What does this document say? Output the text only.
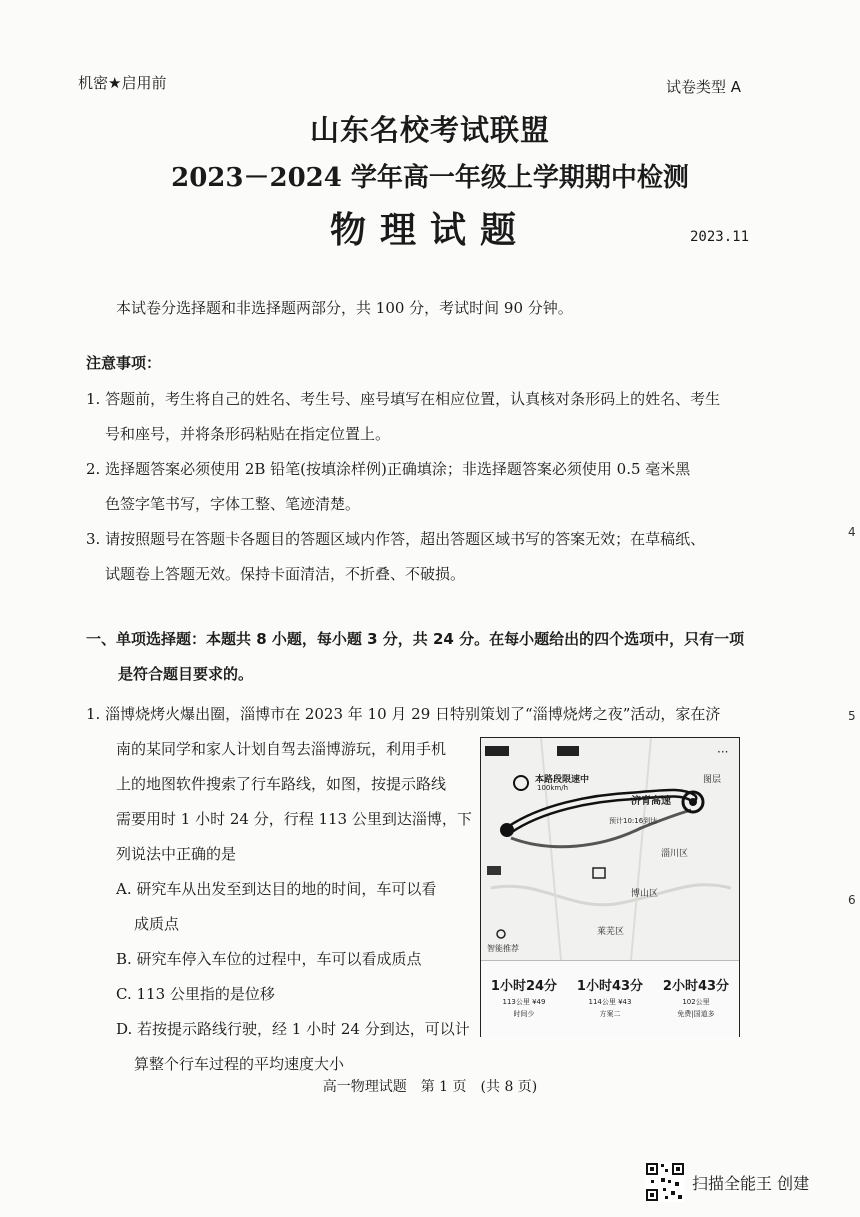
机密★启用前	试卷类型 A
山东名校考试联盟
2023－2024 学年高一年级上学期期中检测
物理试题	2023.11
本试卷分选择题和非选择题两部分，共 100 分，考试时间 90 分钟。
注意事项：
1. 答题前，考生将自己的姓名、考生号、座号填写在相应位置，认真核对条形码上的姓名、考生
号和座号，并将条形码粘贴在指定位置上。
2. 选择题答案必须使用 2B 铅笔(按填涂样例)正确填涂；非选择题答案必须使用 0.5 毫米黑
色签字笔书写，字体工整、笔迹清楚。
3. 请按照题号在答题卡各题目的答题区域内作答，超出答题区域书写的答案无效；在草稿纸、
试题卷上答题无效。保持卡面清洁，不折叠、不破损。
一、单项选择题：本题共 8 小题，每小题 3 分，共 24 分。在每小题给出的四个选项中，只有一项
是符合题目要求的。
1. 淄博烧烤火爆出圈，淄博市在 2023 年 10 月 29 日特别策划了“淄博烧烤之夜”活动，家在济
南的某同学和家人计划自驾去淄博游玩，利用手机
上的地图软件搜索了行车路线，如图，按提示路线
需要用时 1 小时 24 分，行程 113 公里到达淄博，下
列说法中正确的是
A. 研究车从出发至到达目的地的时间，车可以看
成质点
B. 研究车停入车位的过程中，车可以看成质点
C. 113 公里指的是位移
D. 若按提示路线行驶，经 1 小时 24 分到达，可以计
算整个行车过程的平均速度大小
···
本路段限速中
100km/h
图层
济青高速
预计10:16到达
淄川区
博山区
莱芜区
智能推荐
1小时24分
113公里 ¥49
时间少
1小时43分
114公里 ¥43
方案二
2小时43分
102公里
免费|国道多
4
5
6
高一物理试题　第 1 页　(共 8 页)
扫描全能王 创建
